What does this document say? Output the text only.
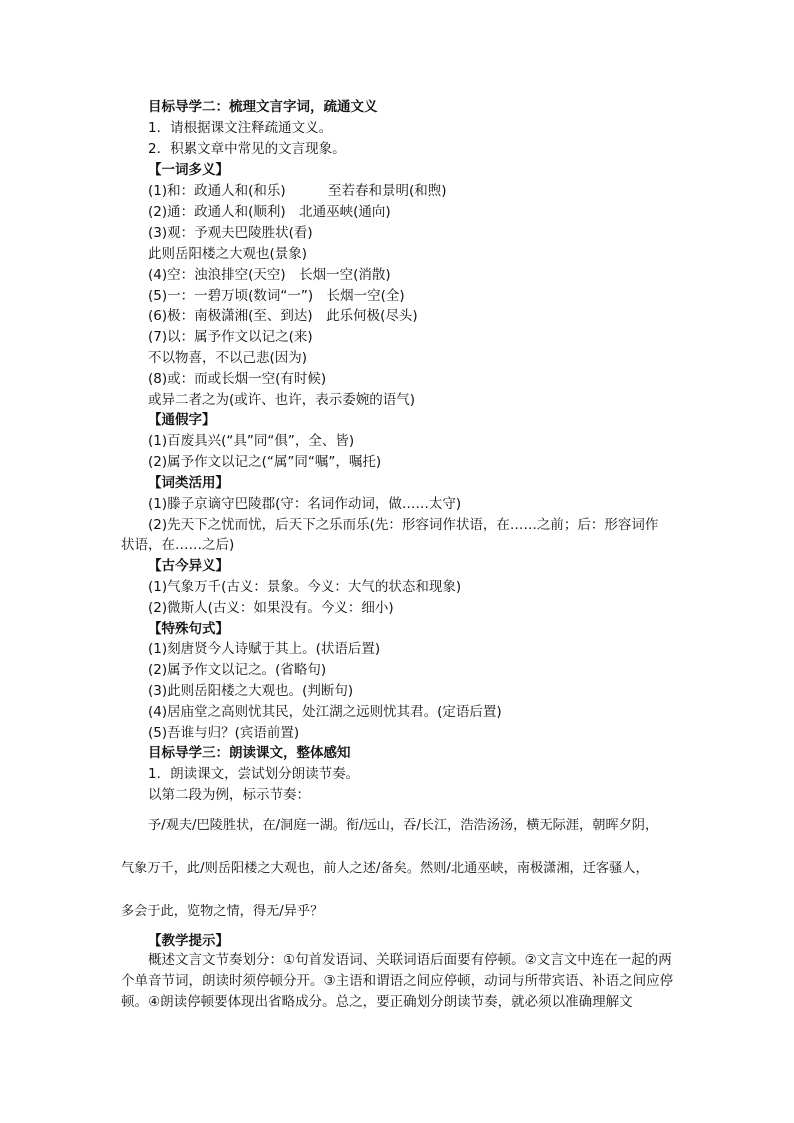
目标导学二：梳理文言字词，疏通文义
1．请根据课文注释疏通文义。
2．积累文章中常见的文言现象。
【一词多义】
(1)和：政通人和(和乐)	至若春和景明(和煦)
(2)通：政通人和(顺利)　北通巫峡(通向)
(3)观：予观夫巴陵胜状(看)
此则岳阳楼之大观也(景象)
(4)空：浊浪排空(天空)　长烟一空(消散)
(5)一：一碧万顷(数词“一”)　长烟一空(全)
(6)极：南极潇湘(至、到达)　此乐何极(尽头)
(7)以：属予作文以记之(来)
不以物喜，不以己悲(因为)
(8)或：而或长烟一空(有时候)
或异二者之为(或许、也许，表示委婉的语气)
【通假字】
(1)百废具兴(“具”同“俱”，全、皆)
(2)属予作文以记之(“属”同“嘱”，嘱托)
【词类活用】
(1)滕子京谪守巴陵郡(守：名词作动词，做……太守)
(2)先天下之忧而忧，后天下之乐而乐(先：形容词作状语，在……之前；后：形容词作
状语，在……之后)
【古今异义】
(1)气象万千(古义：景象。今义：大气的状态和现象)
(2)微斯人(古义：如果没有。今义：细小)
【特殊句式】
(1)刻唐贤今人诗赋于其上。(状语后置)
(2)属予作文以记之。(省略句)
(3)此则岳阳楼之大观也。(判断句)
(4)居庙堂之高则忧其民，处江湖之远则忧其君。(定语后置)
(5)吾谁与归？(宾语前置)
目标导学三：朗读课文，整体感知
1．朗读课文，尝试划分朗读节奏。
以第二段为例，标示节奏：
予/观夫/巴陵胜状，在/洞庭一湖。衔/远山，吞/长江，浩浩汤汤，横无际涯，朝晖夕阴，
气象万千，此/则岳阳楼之大观也，前人之述/备矣。然则/北通巫峡，南极潇湘，迁客骚人，
多会于此，览物之情，得无/异乎？
【教学提示】
概述文言文节奏划分：①句首发语词、关联词语后面要有停顿。②文言文中连在一起的两个单音节词，朗读时须停顿分开。③主语和谓语之间应停顿，动词与所带宾语、补语之间应停顿。④朗读停顿要体现出省略成分。总之，要正确划分朗读节奏，就必须以准确理解文
